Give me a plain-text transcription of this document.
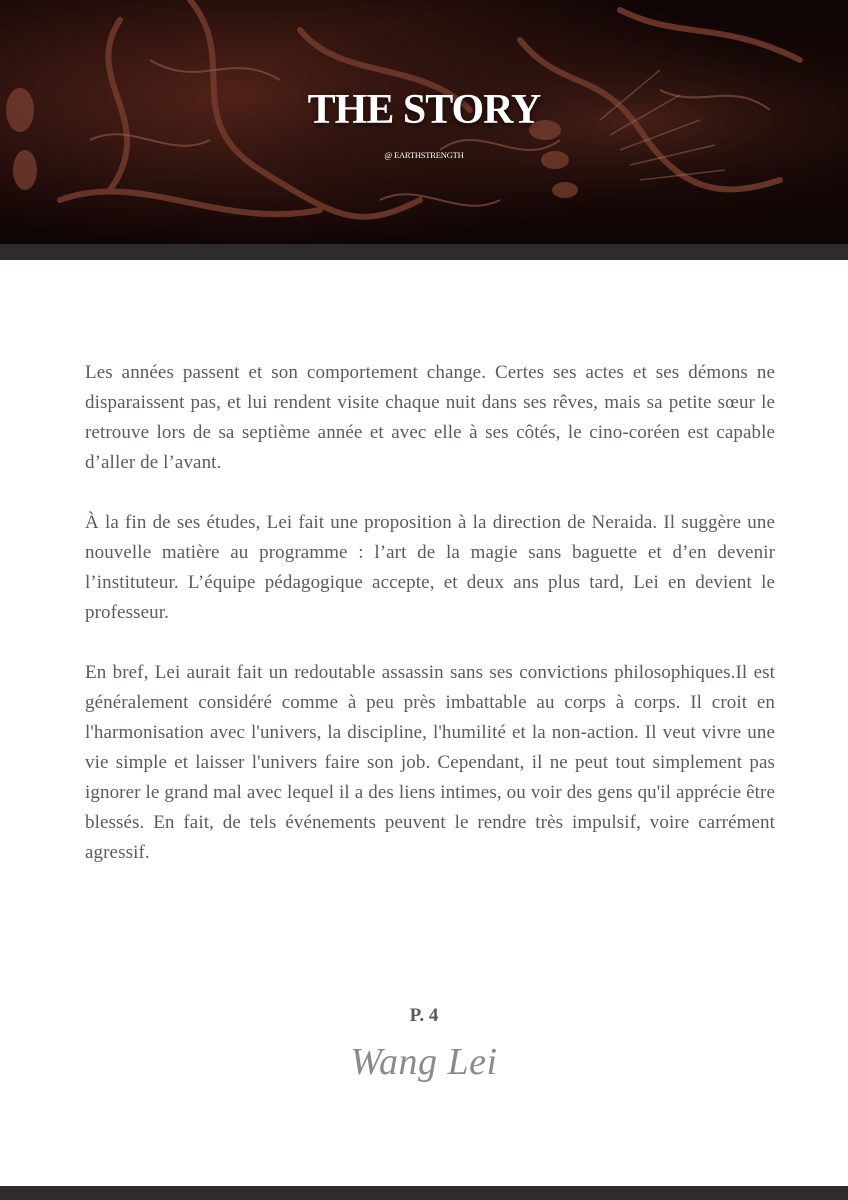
THE STORY
@ EARTHSTRENGTH

Les années passent et son comportement change. Certes ses actes et ses démons ne disparaissent pas, et lui rendent visite chaque nuit dans ses rêves, mais sa petite sœur le retrouve lors de sa septième année et avec elle à ses côtés, le cino-coréen est capable d’aller de l’avant.

À la fin de ses études, Lei fait une proposition à la direction de Neraida. Il suggère une nouvelle matière au programme : l’art de la magie sans baguette et d’en devenir l’instituteur. L’équipe pédagogique accepte, et deux ans plus tard, Lei en devient le professeur.

En bref, Lei aurait fait un redoutable assassin sans ses convictions philosophiques.Il est généralement considéré comme à peu près imbattable au corps à corps. Il croit en l'harmonisation avec l'univers, la discipline, l'humilité et la non-action. Il veut vivre une vie simple et laisser l'univers faire son job. Cependant, il ne peut tout simplement pas ignorer le grand mal avec lequel il a des liens intimes, ou voir des gens qu'il apprécie être blessés. En fait, de tels événements peuvent le rendre très impulsif, voire carrément agressif.

P. 4
Wang Lei
